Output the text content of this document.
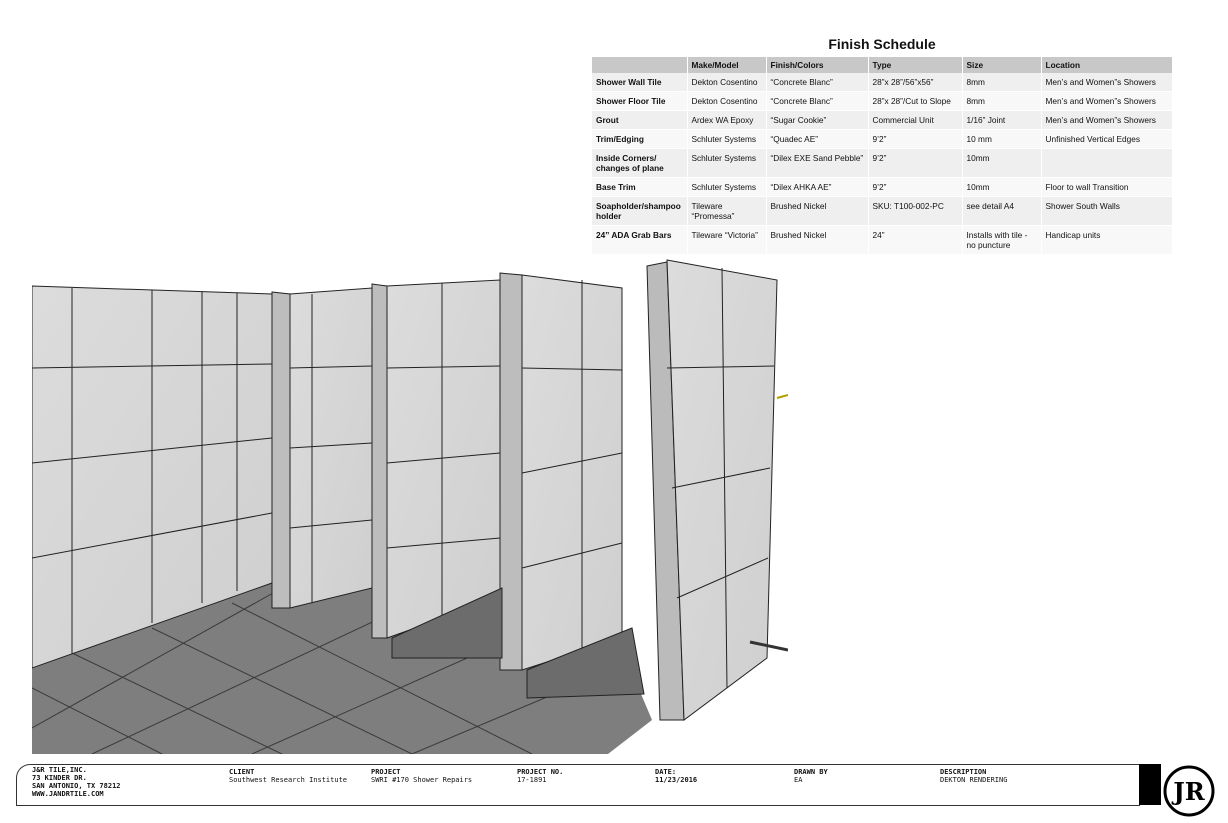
Finish Schedule
	Make/Model	Finish/Colors	Type	Size	Location
Shower Wall Tile	Dekton Cosentino	“Concrete Blanc”	28”x 28”/56”x56”	8mm	Men’s and Women”s Showers
Shower Floor Tile	Dekton Cosentino	“Concrete Blanc”	28”x 28”/Cut to Slope	8mm	Men’s and Women”s Showers
Grout	Ardex WA Epoxy	“Sugar Cookie”	Commercial Unit	1/16” Joint	Men’s and Women”s Showers
Trim/Edging	Schluter Systems	“Quadec AE”	9’2”	10 mm	Unfinished Vertical Edges
Inside Corners/ changes of plane	Schluter Systems	“Dilex EXE Sand Pebble”	9’2”	10mm	
Base Trim	Schluter Systems	“Dilex AHKA AE”	9’2”	10mm	Floor to wall Transition
Soapholder/shampoo holder	Tileware “Promessa”	Brushed Nickel	SKU: T100-002-PC	see detail A4	Shower South Walls
24” ADA Grab Bars	Tileware “Victoria”	Brushed Nickel	24”	Installs with tile - no puncture	Handicap units
J&R TILE,INC.
73 KINDER DR.
SAN ANTONIO, TX 78212
WWW.JANDRTILE.COM
CLIENT
Southwest Research Institute
PROJECT
SWRI #170 Shower Repairs
PROJECT NO.
17-1891
DATE:
11/23/2016
DRAWN BY
EA
DESCRIPTION
DEKTON RENDERING	JR
